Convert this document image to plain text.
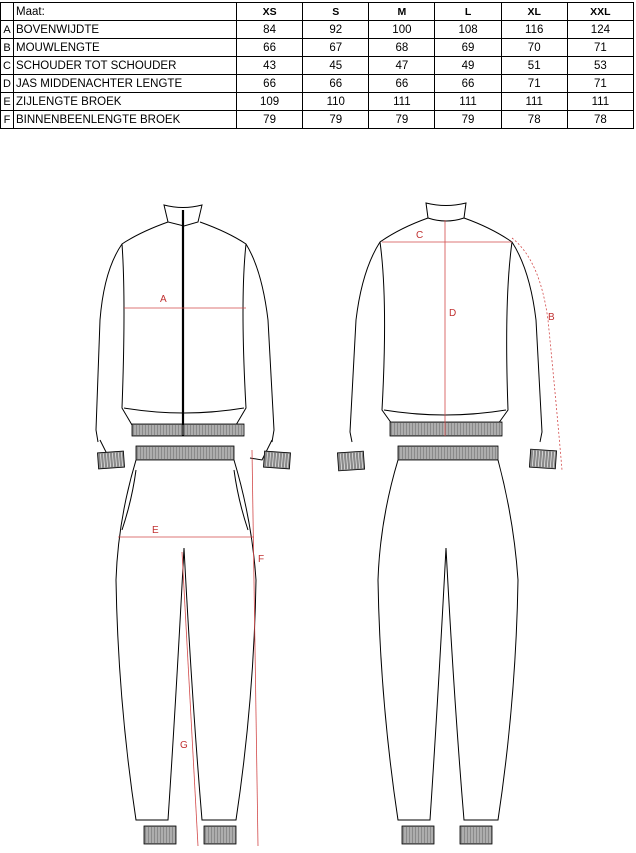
	Maat:	XS	S	M	L	XL	XXL
A	BOVENWIJDTE	84	92	100	108	116	124
B	MOUWLENGTE	66	67	68	69	70	71
C	SCHOUDER TOT SCHOUDER	43	45	47	49	51	53
D	JAS MIDDENACHTER LENGTE	66	66	66	66	71	71
E	ZIJLENGTE BROEK	109	110	111	111	111	111
F	BINNENBEENLENGTE BROEK	79	79	79	79	78	78
A
E
F
G
C
D	B
